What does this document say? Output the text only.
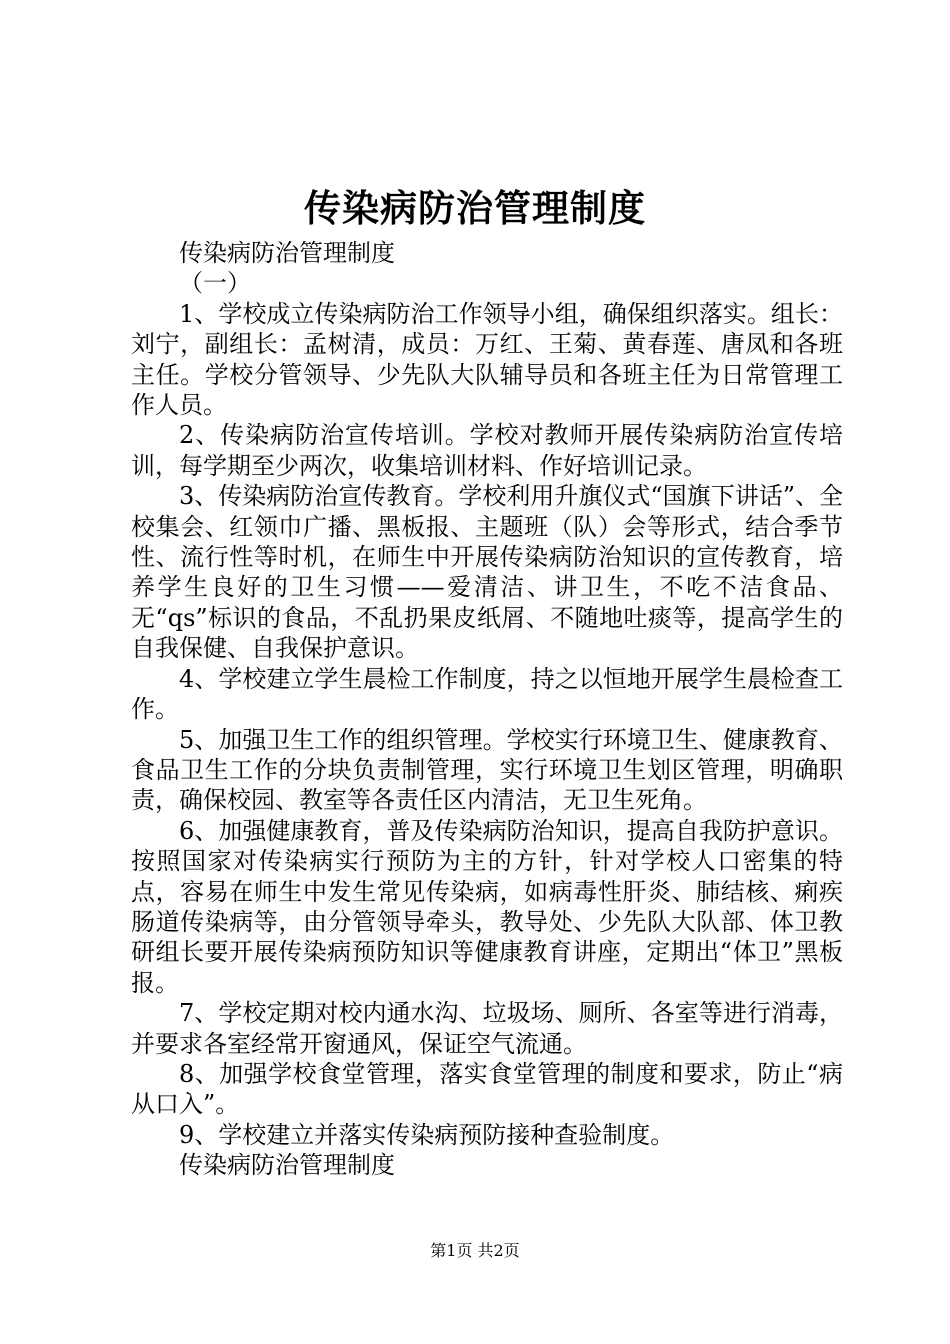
传染病防治管理制度

传染病防治管理制度

（一）

1、学校成立传染病防治工作领导小组，确保组织落实。组长：刘宁，副组长：孟树清，成员：万红、王菊、黄春莲、唐凤和各班主任。学校分管领导、少先队大队辅导员和各班主任为日常管理工作人员。

2、传染病防治宣传培训。学校对教师开展传染病防治宣传培训，每学期至少两次，收集培训材料、作好培训记录。

3、传染病防治宣传教育。学校利用升旗仪式“国旗下讲话”、全校集会、红领巾广播、黑板报、主题班（队）会等形式，结合季节性、流行性等时机，在师生中开展传染病防治知识的宣传教育，培养学生良好的卫生习惯——爱清洁、讲卫生，不吃不洁食品、无“qs”标识的食品，不乱扔果皮纸屑、不随地吐痰等，提高学生的自我保健、自我保护意识。

4、学校建立学生晨检工作制度，持之以恒地开展学生晨检查工作。

5、加强卫生工作的组织管理。学校实行环境卫生、健康教育、食品卫生工作的分块负责制管理，实行环境卫生划区管理，明确职责，确保校园、教室等各责任区内清洁，无卫生死角。

6、加强健康教育，普及传染病防治知识，提高自我防护意识。按照国家对传染病实行预防为主的方针，针对学校人口密集的特点，容易在师生中发生常见传染病，如病毒性肝炎、肺结核、痢疾肠道传染病等，由分管领导牵头，教导处、少先队大队部、体卫教研组长要开展传染病预防知识等健康教育讲座，定期出“体卫”黑板报。

7、学校定期对校内通水沟、垃圾场、厕所、各室等进行消毒，并要求各室经常开窗通风，保证空气流通。

8、加强学校食堂管理，落实食堂管理的制度和要求，防止“病从口入”。

9、学校建立并落实传染病预防接种查验制度。

传染病防治管理制度

第1页 共2页
